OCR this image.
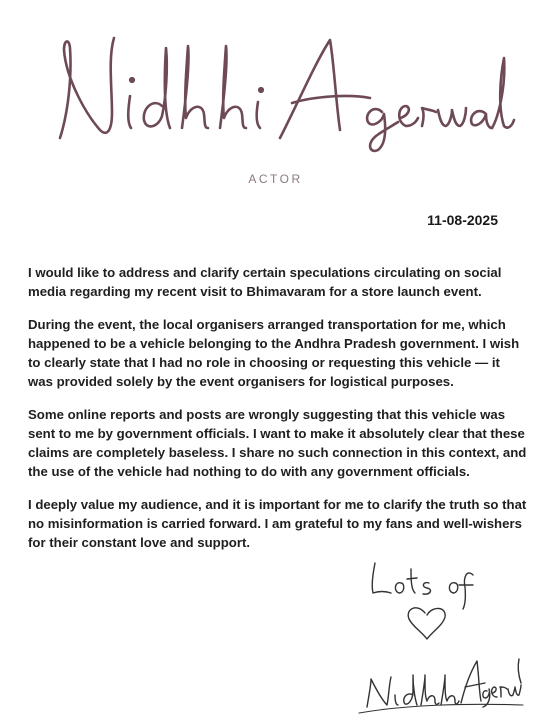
ACTOR
11-08-2025

I would like to address and clarify certain speculations circulating on social media regarding my recent visit to Bhimavaram for a store launch event.

During the event, the local organisers arranged transportation for me, which happened to be a vehicle belonging to the Andhra Pradesh government. I wish to clearly state that I had no role in choosing or requesting this vehicle — it was provided solely by the event organisers for logistical purposes.

Some online reports and posts are wrongly suggesting that this vehicle was sent to me by government officials. I want to make it absolutely clear that these claims are completely baseless. I share no such connection in this context, and the use of the vehicle had nothing to do with any government officials.

I deeply value my audience, and it is important for me to clarify the truth so that no misinformation is carried forward. I am grateful to my fans and well-wishers for their constant love and support.
